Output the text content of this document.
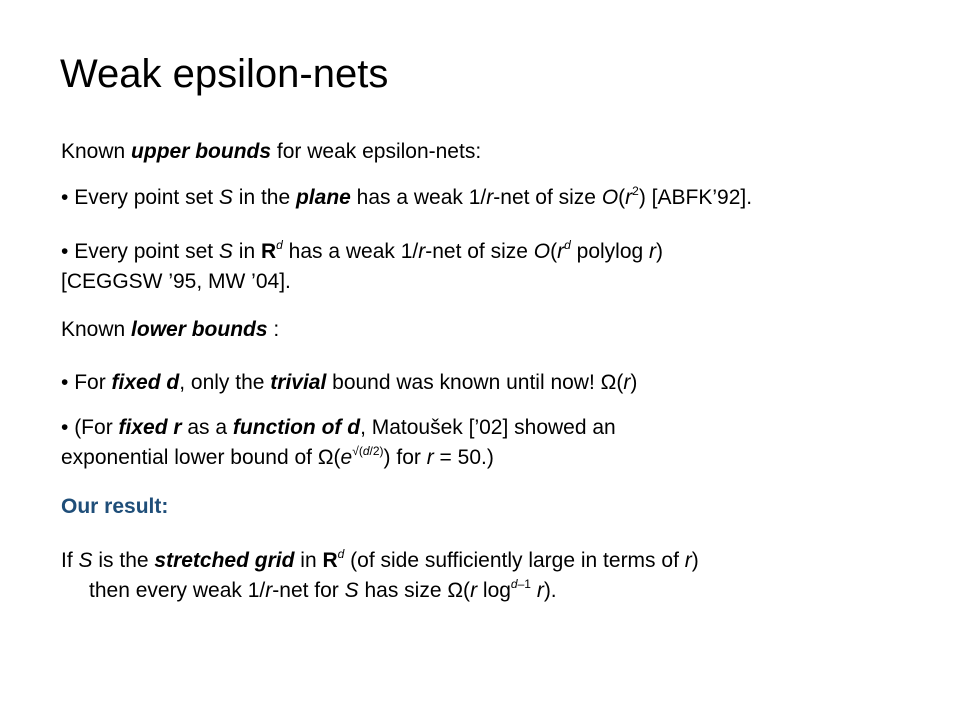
Weak epsilon-nets

Known upper bounds for weak epsilon-nets:

• Every point set S in the plane has a weak 1/r-net of size $O(r^2)$ [ABFK’92].

• Every point set S in $R^d$ has a weak 1/r-net of size $O(r^d$ polylog r)
[CEGGSW ’95, MW ’04].

Known lower bounds :

• For fixed d, only the trivial bound was known until now! Ω(r)

• (For fixed r as a function of d, Matoušek [’02] showed an
exponential lower bound of $\Omega(e^{√(d/2)})$ for r = 50.)

Our result:

If S is the stretched grid in $R^d$ (of side sufficiently large in terms of r)
then every weak 1/r-net for S has size Ω(r $\log^{d-1} r$).
